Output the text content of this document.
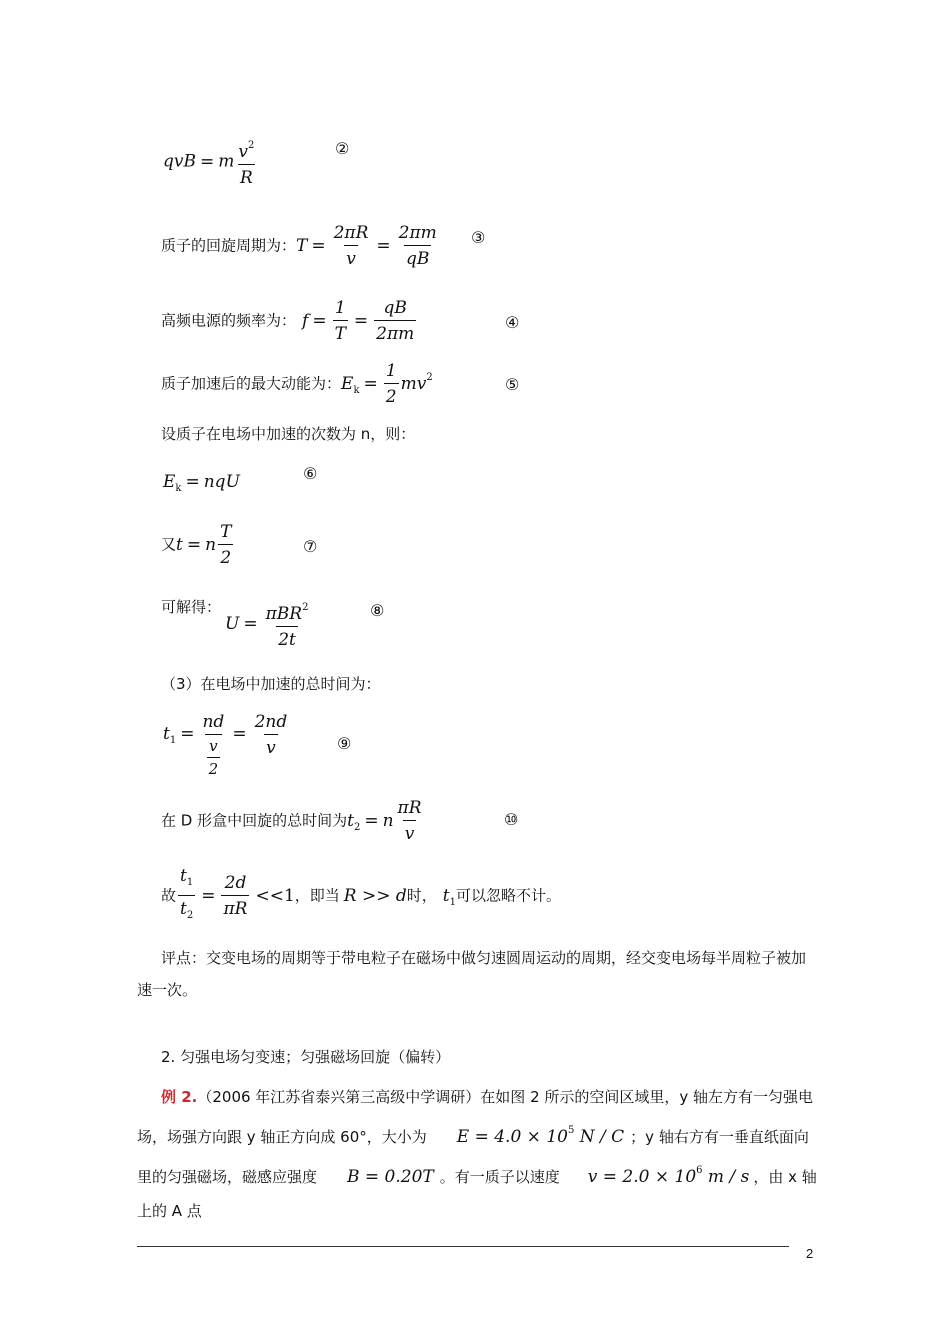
qvB = m $\frac{v^2}{R}$	②
质子的回旋周期为：$T = \frac{2\pi R}{v} = \frac{2\pi m}{qB}$ ③
高频电源的频率为： $f = \frac{1}{T} = \frac{qB}{2\pi m}$	④
质子加速后的最大动能为：$E_k = \frac{1}{2} mv^2$	⑤
设质子在电场中加速的次数为 n，则：
$E_k$ = nqU	⑥
又t = n $\frac{T}{2}$	⑦
可解得：$U = \frac{\pi BR^2}{2t}$	⑧
（3）在电场中加速的总时间为：
$t_1 = \frac{nd}{\frac{v}{2}} = \frac{2nd}{v}$	⑨
在 D 形盒中回旋的总时间为$t_2 = n \frac{\pi R}{v}$	⑩
故 $\frac{t_1}{t_2} = \frac{2d}{\pi R} <<1$，即当 R >> d时， $t_1$可以忽略不计。
评点：交变电场的周期等于带电粒子在磁场中做匀速圆周运动的周期，经交变电场每半周粒子被加速一次。
2. 匀强电场匀变速；匀强磁场回旋（偏转）
例 2.（2006 年江苏省泰兴第三高级中学调研）在如图 2 所示的空间区域里，y 轴左方有一匀强电场，场强方向跟 y 轴正方向成 60°，大小为 $E = 4.0 \times 10^5$ N / C ；y 轴右方有一垂直纸面向里的匀强磁场，磁感应强度 B = 0.20T 。有一质子以速度 $v = 2.0 \times 10^6$ m / s ，由 x 轴上的 A 点
2
